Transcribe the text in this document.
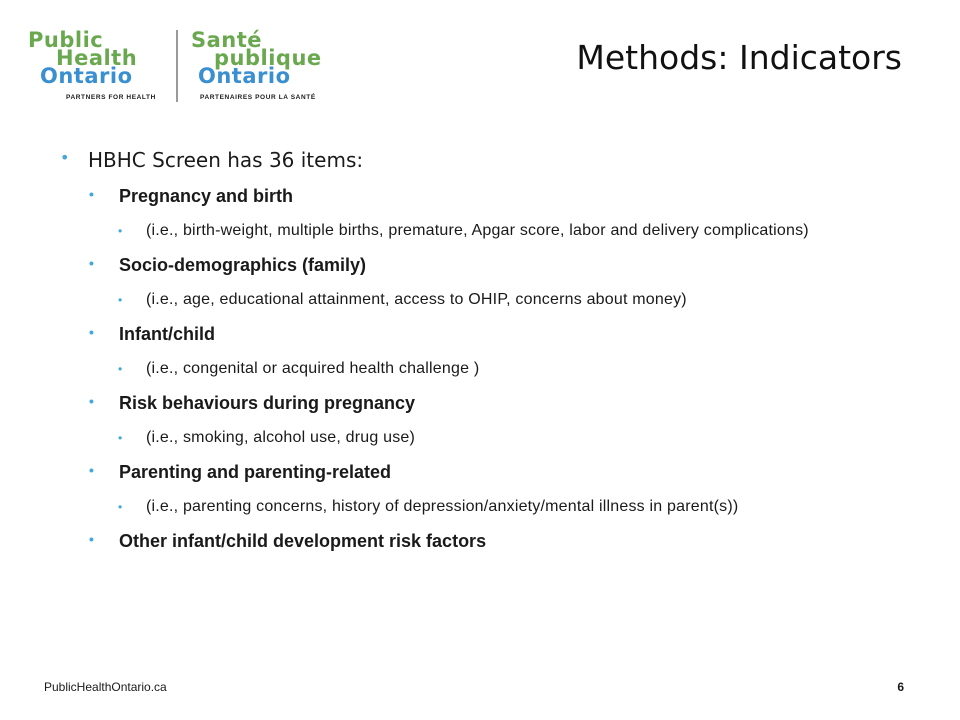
Public
Health
Ontario
PARTNERS FOR HEALTH
Santé
publique
Ontario
PARTENAIRES POUR LA SANTÉ
Methods: Indicators
• HBHC Screen has 36 items:
• Pregnancy and birth
• (i.e., birth-weight, multiple births, premature, Apgar score, labor and delivery complications)
• Socio-demographics (family)
• (i.e., age, educational attainment, access to OHIP, concerns about money)
• Infant/child
• (i.e., congenital or acquired health challenge )
• Risk behaviours during pregnancy
• (i.e., smoking, alcohol use, drug use)
• Parenting and parenting-related
• (i.e., parenting concerns, history of depression/anxiety/mental illness in parent(s))
• Other infant/child development risk factors
PublicHealthOntario.ca	6
